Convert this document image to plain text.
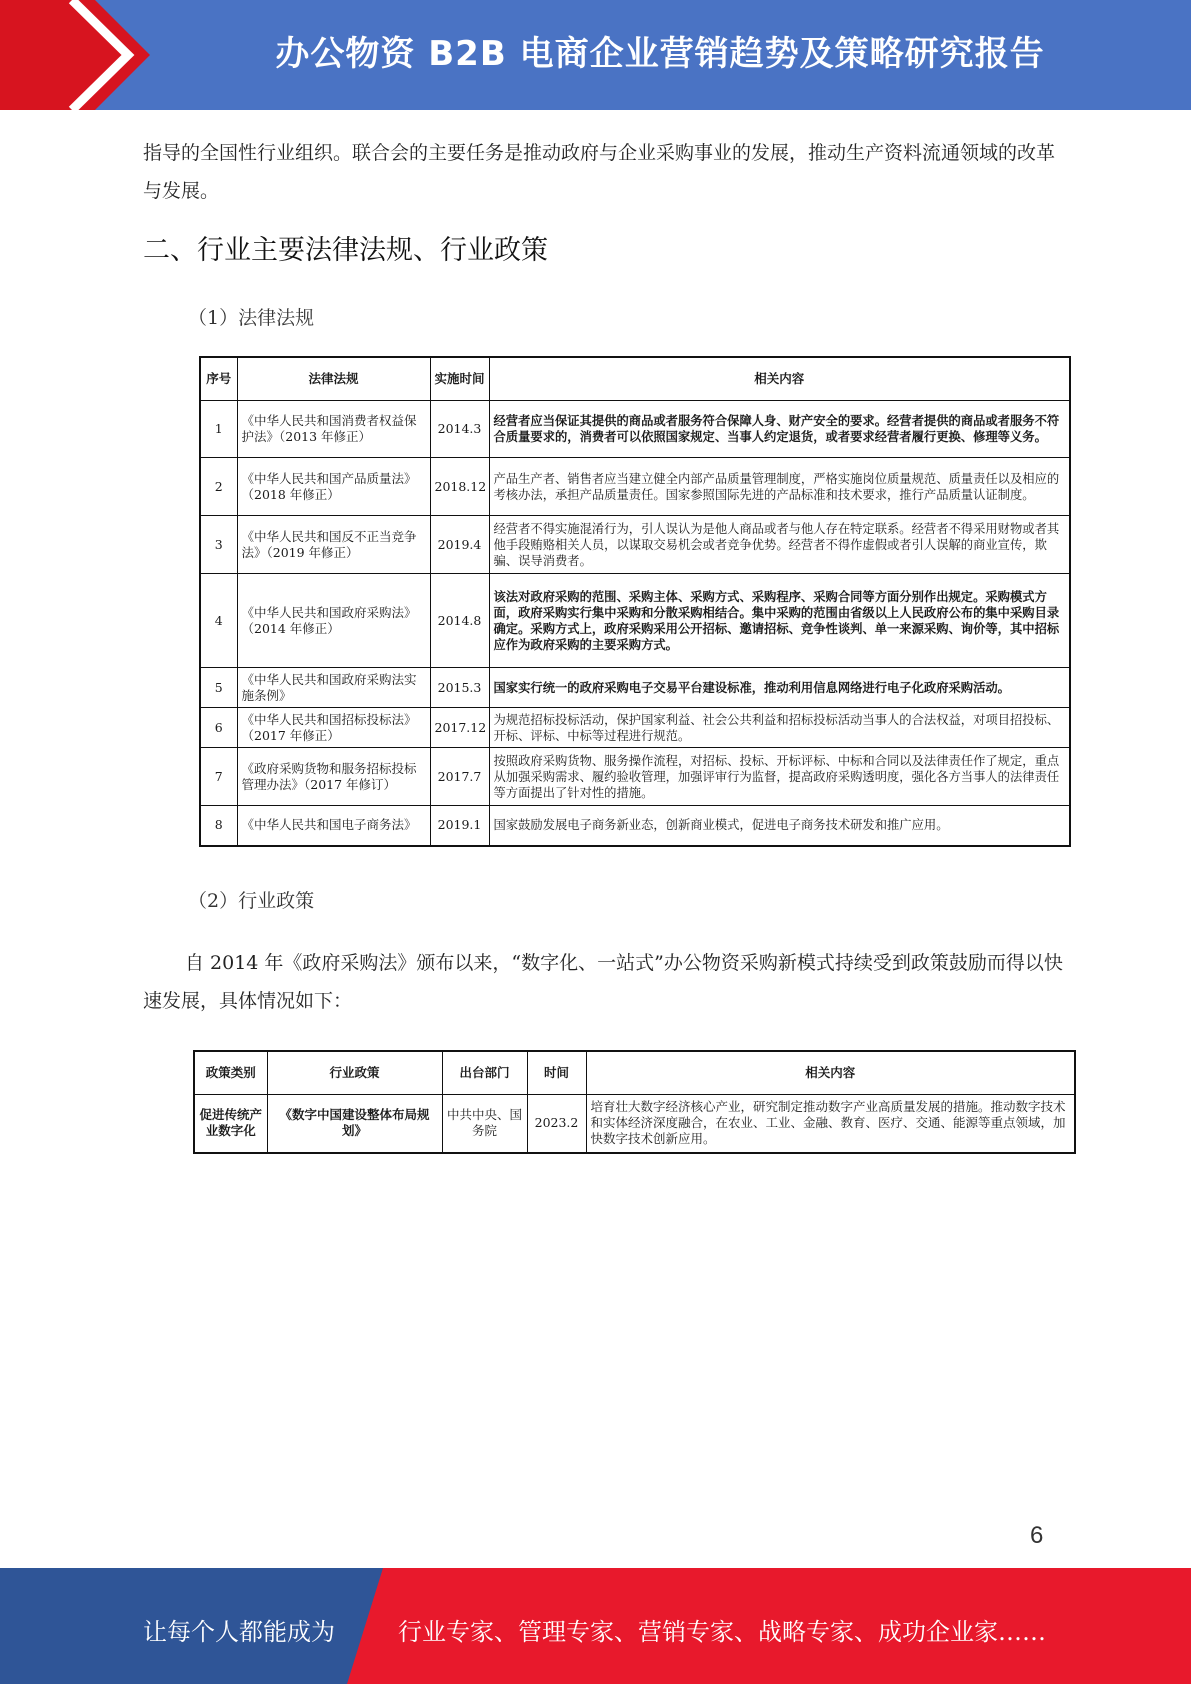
办公物资 B2B 电商企业营销趋势及策略研究报告
指导的全国性行业组织。联合会的主要任务是推动政府与企业采购事业的发展，推动生产资料流通领域的改革与发展。
二、行业主要法律法规、行业政策
（1）法律法规
序号	法律法规	实施时间	相关内容
1	《中华人民共和国消费者权益保护法》（2013 年修正）	2014.3	经营者应当保证其提供的商品或者服务符合保障人身、财产安全的要求。经营者提供的商品或者服务不符合质量要求的，消费者可以依照国家规定、当事人约定退货，或者要求经营者履行更换、修理等义务。
2	《中华人民共和国产品质量法》（2018 年修正）	2018.12	产品生产者、销售者应当建立健全内部产品质量管理制度，严格实施岗位质量规范、质量责任以及相应的考核办法，承担产品质量责任。国家参照国际先进的产品标准和技术要求，推行产品质量认证制度。
3	《中华人民共和国反不正当竞争法》（2019 年修正）	2019.4	经营者不得实施混淆行为，引人误认为是他人商品或者与他人存在特定联系。经营者不得采用财物或者其他手段贿赂相关人员，以谋取交易机会或者竞争优势。经营者不得作虚假或者引人误解的商业宣传，欺骗、误导消费者。
4	《中华人民共和国政府采购法》（2014 年修正）	2014.8	该法对政府采购的范围、采购主体、采购方式、采购程序、采购合同等方面分别作出规定。采购模式方面，政府采购实行集中采购和分散采购相结合。集中采购的范围由省级以上人民政府公布的集中采购目录确定。采购方式上，政府采购采用公开招标、邀请招标、竞争性谈判、单一来源采购、询价等，其中招标应作为政府采购的主要采购方式。
5	《中华人民共和国政府采购法实施条例》	2015.3	国家实行统一的政府采购电子交易平台建设标准，推动利用信息网络进行电子化政府采购活动。
6	《中华人民共和国招标投标法》（2017 年修正）	2017.12	为规范招标投标活动，保护国家利益、社会公共利益和招标投标活动当事人的合法权益，对项目招投标、开标、评标、中标等过程进行规范。
7	《政府采购货物和服务招标投标管理办法》（2017 年修订）	2017.7	按照政府采购货物、服务操作流程，对招标、投标、开标评标、中标和合同以及法律责任作了规定，重点从加强采购需求、履约验收管理，加强评审行为监督，提高政府采购透明度，强化各方当事人的法律责任等方面提出了针对性的措施。
8	《中华人民共和国电子商务法》	2019.1	国家鼓励发展电子商务新业态，创新商业模式，促进电子商务技术研发和推广应用。
（2）行业政策
自 2014 年《政府采购法》颁布以来，“数字化、一站式”办公物资采购新模式持续受到政策鼓励而得以快速发展，具体情况如下：
政策类别	行业政策	出台部门	时间	相关内容
促进传统产业数字化	《数字中国建设整体布局规划》	中共中央、国务院	2023.2	培育壮大数字经济核心产业，研究制定推动数字产业高质量发展的措施。推动数字技术和实体经济深度融合，在农业、工业、金融、教育、医疗、交通、能源等重点领域，加快数字技术创新应用。
6
让每个人都能成为	行业专家、管理专家、营销专家、战略专家、成功企业家……
